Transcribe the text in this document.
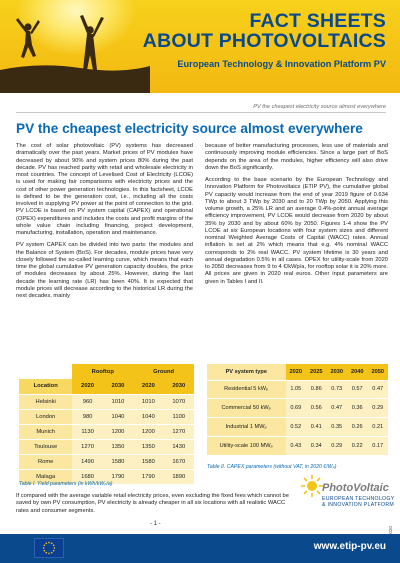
FACT SHEETS
ABOUT PHOTOVOLTAICS
European Technology & Innovation Platform PV
PV the cheapest electricity source almost everywhere
PV the cheapest electricity source almost everywhere

The cost of solar photovoltaic (PV) systems has decreased dramatically over the past years. Market prices of PV modules have decreased by about 90% and system prices 80% during the past decade. PV has reached parity with retail and wholesale electricity in most countries. The concept of Levelised Cost of Electricity (LCOE) is used for making fair comparisons with electricity prices and the cost of other power generation technologies. In this factsheet, LCOE is defined to be the generation cost, i.e., including all the costs involved in supplying PV power at the point of connection to the grid. PV LCOE is based on PV system capital (CAPEX) and operational (OPEX) expenditures and includes the costs and profit margins of the whole value chain including financing, project development, manufacturing, installation, operation and maintenance.

PV system CAPEX can be divided into two parts: the modules and the Balance of System (BoS). For decades, module prices have very closely followed the so-called learning curve, which means that each time the global cumulative PV generation capacity doubles, the price of modules decreases by about 25%. However, during the last decade the learning rate (LR) has been 40%. It is expected that module prices will decrease according to the historical LR during the next decades, mainly

because of better manufacturing processes, less use of materials and continuously improving module efficiencies. Since a large part of BoS depends on the area of the modules, higher efficiency will also drive down the BoS significantly.

According to the base scenario by the European Technology and Innovation Platform for Photovoltaics (ETIP PV), the cumulative global PV capacity would increase from the end of year 2019 figure of 0.634 TWp to about 3 TWp by 2030 and to 20 TWp by 2050. Applying this volume growth, a 25% LR and an average 0.4%-point annual average efficiency improvement, PV LCOE would decrease from 2020 by about 35% by 2030 and by about 60% by 2050. Figures 1-4 show the PV LCOE at six European locations with four system sizes and different nominal Weighted Average Costs of Capital (WACC) rates. Annual inflation is set at 2% which means that e.g. 4% nominal WACC corresponds to 2% real WACC. PV system lifetime is 30 years and annual degradation 0.5% in all cases. OPEX for utility-scale from 2020 to 2050 decreases from 9 to 4 €/kWp/a, for rooftop solar it is 20% more. All prices are given in 2020 real euros. Other input parameters are given in Tables I and II.

	Rooftop		Ground	
Location	2020	2030	2020	2030
Helsinki	960	1010	1010	1070
London	980	1040	1040	1100
Munich	1130	1200	1200	1270
Toulouse	1270	1350	1350	1430
Rome	1490	1580	1580	1670
Malaga	1680	1790	1790	1890
Table I. Yield parameters (in kWh/kWₚ/a)
PV system type	2020	2025	2030	2040	2050
Residential 5 kWₚ	1.05	0.86	0.73	0.57	0.47
Commercial 50 kWₚ	0.69	0.56	0.47	0.36	0.29
Industrial 1 MWₚ	0.52	0.41	0.35	0.26	0.21
Utility-scale 100 MWₚ	0.43	0.34	0.29	0.22	0.17
Table II. CAPEX parameters (without VAT, in 2020 €/Wₚ)
If compared with the average variable retail electricity prices, even excluding the fixed fees which cannot be saved by own PV consumption, PV electricity is already cheaper in all six locations with all realistic WACC rates and consumer segments.
PhotoVoltaic
EUROPEAN TECHNOLOGY
& INNOVATION PLATFORM
- 1 -
www.etip-pv.eu
